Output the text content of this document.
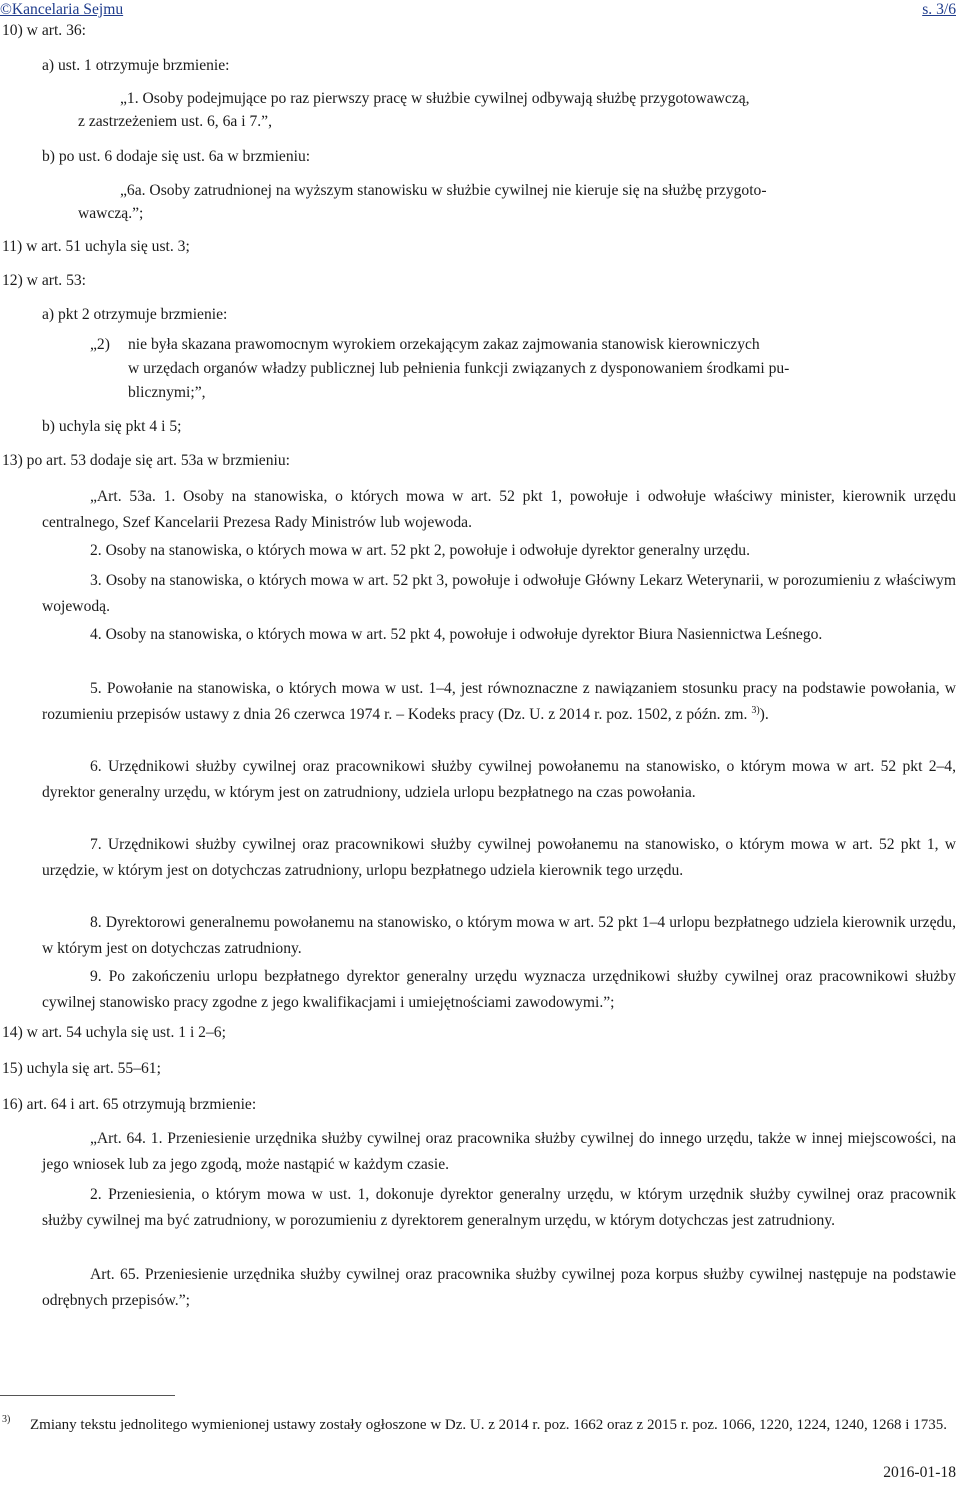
©Kancelaria Sejmu	s. 3/6
10) w art. 36:
a) ust. 1 otrzymuje brzmienie:
„1. Osoby podejmujące po raz pierwszy pracę w służbie cywilnej odbywają służbę przygotowawczą,
z zastrzeżeniem ust. 6, 6a i 7.”,
b) po ust. 6 dodaje się ust. 6a w brzmieniu:
„6a. Osoby zatrudnionej na wyższym stanowisku w służbie cywilnej nie kieruje się na służbę przygoto-
wawczą.”;
11) w art. 51 uchyla się ust. 3;
12) w art. 53:
a) pkt 2 otrzymuje brzmienie:
„2) nie była skazana prawomocnym wyrokiem orzekającym zakaz zajmowania stanowisk kierowniczych
w urzędach organów władzy publicznej lub pełnienia funkcji związanych z dysponowaniem środkami pu-
blicznymi;”,
b) uchyla się pkt 4 i 5;
13) po art. 53 dodaje się art. 53a w brzmieniu:
„Art. 53a. 1. Osoby na stanowiska, o których mowa w art. 52 pkt 1, powołuje i odwołuje właściwy minister, kierownik urzędu centralnego, Szef Kancelarii Prezesa Rady Ministrów lub wojewoda.
2. Osoby na stanowiska, o których mowa w art. 52 pkt 2, powołuje i odwołuje dyrektor generalny urzędu.
3. Osoby na stanowiska, o których mowa w art. 52 pkt 3, powołuje i odwołuje Główny Lekarz Weterynarii, w porozumieniu z właściwym wojewodą.
4. Osoby na stanowiska, o których mowa w art. 52 pkt 4, powołuje i odwołuje dyrektor Biura Nasiennictwa Leśnego.
5. Powołanie na stanowiska, o których mowa w ust. 1–4, jest równoznaczne z nawiązaniem stosunku pracy na podstawie powołania, w rozumieniu przepisów ustawy z dnia 26 czerwca 1974 r. – Kodeks pracy (Dz. U. z 2014 r. poz. 1502, z późn. zm. $^{3)}$).
6. Urzędnikowi służby cywilnej oraz pracownikowi służby cywilnej powołanemu na stanowisko, o którym mowa w art. 52 pkt 2–4, dyrektor generalny urzędu, w którym jest on zatrudniony, udziela urlopu bezpłatnego na czas powołania.
7. Urzędnikowi służby cywilnej oraz pracownikowi służby cywilnej powołanemu na stanowisko, o którym mowa w art. 52 pkt 1, w urzędzie, w którym jest on dotychczas zatrudniony, urlopu bezpłatnego udziela kierownik tego urzędu.
8. Dyrektorowi generalnemu powołanemu na stanowisko, o którym mowa w art. 52 pkt 1–4 urlopu bezpłatnego udziela kierownik urzędu, w którym jest on dotychczas zatrudniony.
9. Po zakończeniu urlopu bezpłatnego dyrektor generalny urzędu wyznacza urzędnikowi służby cywilnej oraz pracownikowi służby cywilnej stanowisko pracy zgodne z jego kwalifikacjami i umiejętnościami zawodowymi.”;
14) w art. 54 uchyla się ust. 1 i 2–6;
15) uchyla się art. 55–61;
16) art. 64 i art. 65 otrzymują brzmienie:
„Art. 64. 1. Przeniesienie urzędnika służby cywilnej oraz pracownika służby cywilnej do innego urzędu, także w innej miejscowości, na jego wniosek lub za jego zgodą, może nastąpić w każdym czasie.
2. Przeniesienia, o którym mowa w ust. 1, dokonuje dyrektor generalny urzędu, w którym urzędnik służby cywilnej oraz pracownik służby cywilnej ma być zatrudniony, w porozumieniu z dyrektorem generalnym urzędu, w którym dotychczas jest zatrudniony.
Art. 65. Przeniesienie urzędnika służby cywilnej oraz pracownika służby cywilnej poza korpus służby cywilnej następuje na podstawie odrębnych przepisów.”;
3) Zmiany tekstu jednolitego wymienionej ustawy zostały ogłoszone w Dz. U. z 2014 r. poz. 1662 oraz z 2015 r. poz. 1066, 1220, 1224, 1240, 1268 i 1735.
2016-01-18
